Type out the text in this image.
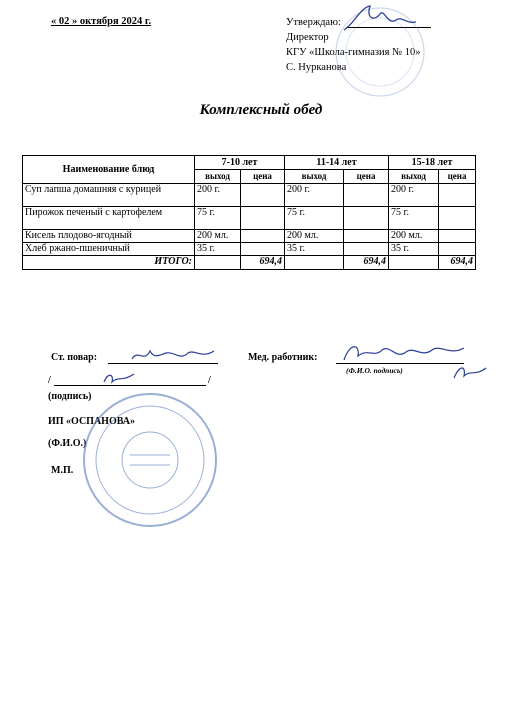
« 02 » октября 2024 г.	Утверждаю:
Директор
КГУ «Школа-гимназия № 10»
С. Нурканова
Комплексный обед
Наименование блюд	7-10 лет		11-14 лет		15-18 лет	
	выход	цена	выход	цена	выход	цена
Суп лапша домашняя с курицей	200 г.		200 г.		200 г.	
Пирожок печеный с картофелем	75 г.		75 г.		75 г.	
Кисель плодово-ягодный	200 мл.		200 мл.		200 мл.	
Хлеб ржано-пшеничный	35 г.		35 г.		35 г.	
ИТОГО:		694,4		694,4		694,4
Ст. повар:	Мед. работник:
(Ф.И.О. подпись)
/	/
(подпись)
ИП «ОСПАНОВА»
(Ф.И.О.)
М.П.
